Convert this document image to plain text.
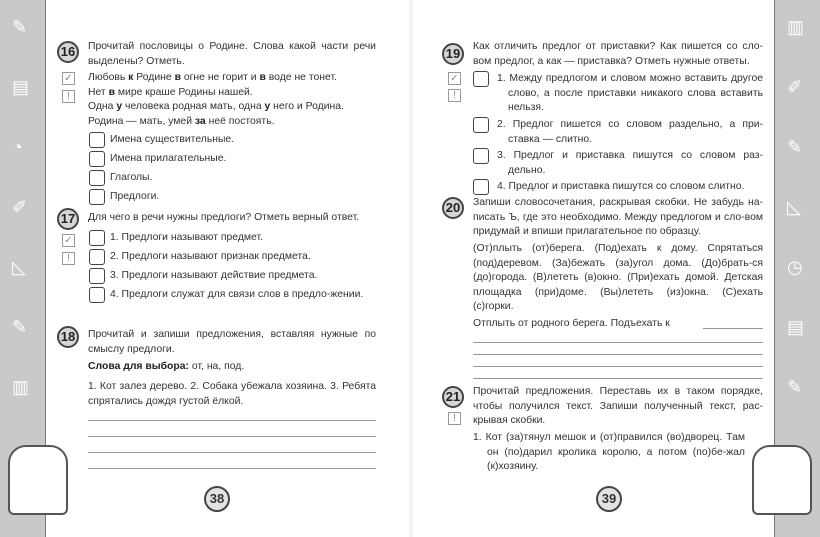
✎
▤
◔
✐
◺
✎
▥
▥
✐
✎
◺
◷
▤
✎
16	Прочитай пословицы о Родине. Слова какой части речи выделены? Отметь.
✓
!
Любовь к Родине в огне не горит и в воде не тонет.
Нет в мире краше Родины нашей.
Одна у человека родная мать, одна у него и Родина.
Родина — мать, умей за неё постоять.
Имена существительные.
Имена прилагательные.
Глаголы.
Предлоги.
17	Для чего в речи нужны предлоги? Отметь верный ответ.
✓
!
1. Предлоги называют предмет.
2. Предлоги называют признак предмета.
3. Предлоги называют действие предмета.
4. Предлоги служат для связи слов в предло-жении.
18	Прочитай и запиши предложения, вставляя нужные по смыслу предлоги.
Слова для выбора: от, на, под.
1. Кот залез дерево. 2. Собака убежала хозяина. 3. Ребята спрятались дождя густой ёлкой.
38
19	Как отличить предлог от приставки? Как пишется со сло-вом предлог, а как — приставка? Отметь нужные ответы.
✓
!
1. Между предлогом и словом можно вставить другое слово, а после приставки никакого слова вставить нельзя.
2. Предлог пишется со словом раздельно, а при-ставка — слитно.
3. Предлог и приставка пишутся со словом раз-дельно.
4. Предлог и приставка пишутся со словом слитно.
20	Запиши словосочетания, раскрывая скобки. Не забудь на-писать Ъ, где это необходимо. Между предлогом и сло-вом придумай и впиши прилагательное по образцу.
(От)плыть (от)берега. (Под)ехать к дому. Спрятаться (под)деревом. (За)бежать (за)угол дома. (До)брать-ся (до)города. (В)лететь (в)окно. (При)ехать домой. Детская площадка (при)доме. (Вы)лететь (из)окна. (С)ехать (с)горки.
Отплыть от родного берега. Подъехать к
21	Прочитай предложения. Переставь их в таком порядке, чтобы получился текст. Запиши полученный текст, рас-крывая скобки.
!
1. Кот (за)тянул мешок и (от)правился (во)дворец. Там он (по)дарил кролика королю, а потом (по)бе-жал (к)хозяину.
39
